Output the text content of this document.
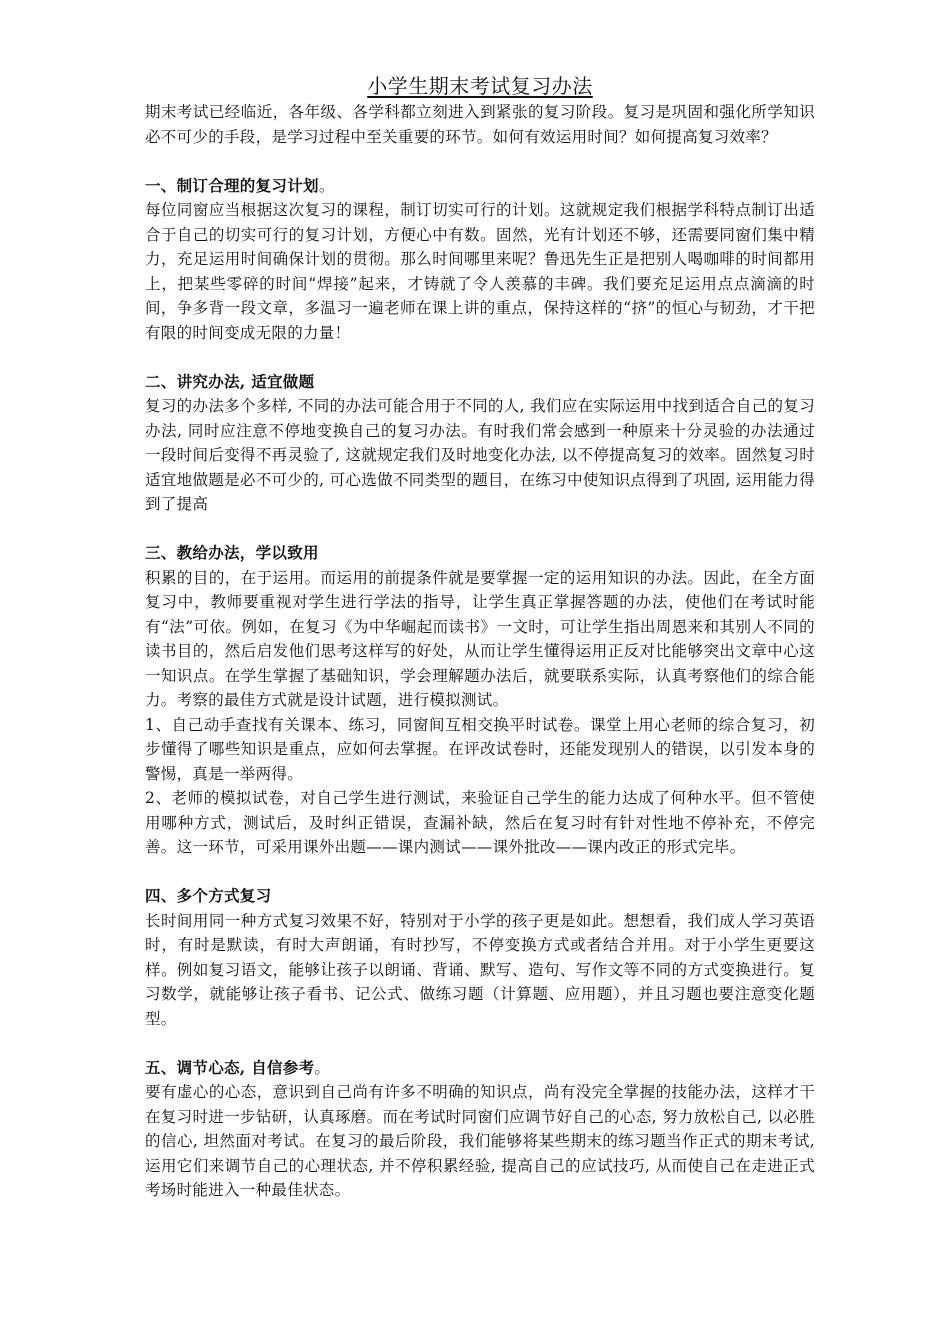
小学生期末考试复习办法

期末考试已经临近，各年级、各学科都立刻进入到紧张的复习阶段。复习是巩固和强化所学知识必不可少的手段，是学习过程中至关重要的环节。如何有效运用时间？如何提高复习效率？

一、制订合理的复习计划。

每位同窗应当根据这次复习的课程，制订切实可行的计划。这就规定我们根据学科特点制订出适合于自己的切实可行的复习计划，方便心中有数。固然，光有计划还不够，还需要同窗们集中精力，充足运用时间确保计划的贯彻。那么时间哪里来呢？鲁迅先生正是把别人喝咖啡的时间都用上，把某些零碎的时间“焊接”起来，才铸就了令人羡慕的丰碑。我们要充足运用点点滴滴的时间，争多背一段文章，多温习一遍老师在课上讲的重点，保持这样的“挤”的恒心与韧劲，才干把有限的时间变成无限的力量！

二、讲究办法, 适宜做题

复习的办法多个多样, 不同的办法可能合用于不同的人, 我们应在实际运用中找到适合自己的复习办法, 同时应注意不停地变换自己的复习办法。有时我们常会感到一种原来十分灵验的办法通过一段时间后变得不再灵验了, 这就规定我们及时地变化办法, 以不停提高复习的效率。固然复习时适宜地做题是必不可少的, 可心选做不同类型的题目，在练习中使知识点得到了巩固, 运用能力得到了提高

三、教给办法，学以致用

积累的目的，在于运用。而运用的前提条件就是要掌握一定的运用知识的办法。因此，在全方面复习中，教师要重视对学生进行学法的指导，让学生真正掌握答题的办法，使他们在考试时能有“法”可依。例如，在复习《为中华崛起而读书》一文时，可让学生指出周恩来和其别人不同的读书目的，然后启发他们思考这样写的好处，从而让学生懂得运用正反对比能够突出文章中心这一知识点。在学生掌握了基础知识，学会理解题办法后，就要联系实际，认真考察他们的综合能力。考察的最佳方式就是设计试题，进行模拟测试。

1、自己动手查找有关课本、练习，同窗间互相交换平时试卷。课堂上用心老师的综合复习，初步懂得了哪些知识是重点，应如何去掌握。在评改试卷时，还能发现别人的错误，以引发本身的警惕，真是一举两得。

2、老师的模拟试卷，对自己学生进行测试，来验证自己学生的能力达成了何种水平。但不管使用哪种方式，测试后，及时纠正错误，查漏补缺，然后在复习时有针对性地不停补充，不停完善。这一环节，可采用课外出题——课内测试——课外批改——课内改正的形式完毕。

四、多个方式复习

长时间用同一种方式复习效果不好，特别对于小学的孩子更是如此。想想看，我们成人学习英语时，有时是默读，有时大声朗诵，有时抄写，不停变换方式或者结合并用。对于小学生更要这样。例如复习语文，能够让孩子以朗诵、背诵、默写、造句、写作文等不同的方式变换进行。复习数学，就能够让孩子看书、记公式、做练习题（计算题、应用题），并且习题也要注意变化题型。

五、调节心态, 自信参考。

要有虚心的心态，意识到自己尚有许多不明确的知识点，尚有没完全掌握的技能办法，这样才干在复习时进一步钻研，认真琢磨。而在考试时同窗们应调节好自己的心态, 努力放松自己, 以必胜的信心, 坦然面对考试。在复习的最后阶段，我们能够将某些期末的练习题当作正式的期末考试, 运用它们来调节自己的心理状态, 并不停积累经验, 提高自己的应试技巧, 从而使自己在走进正式考场时能进入一种最佳状态。
